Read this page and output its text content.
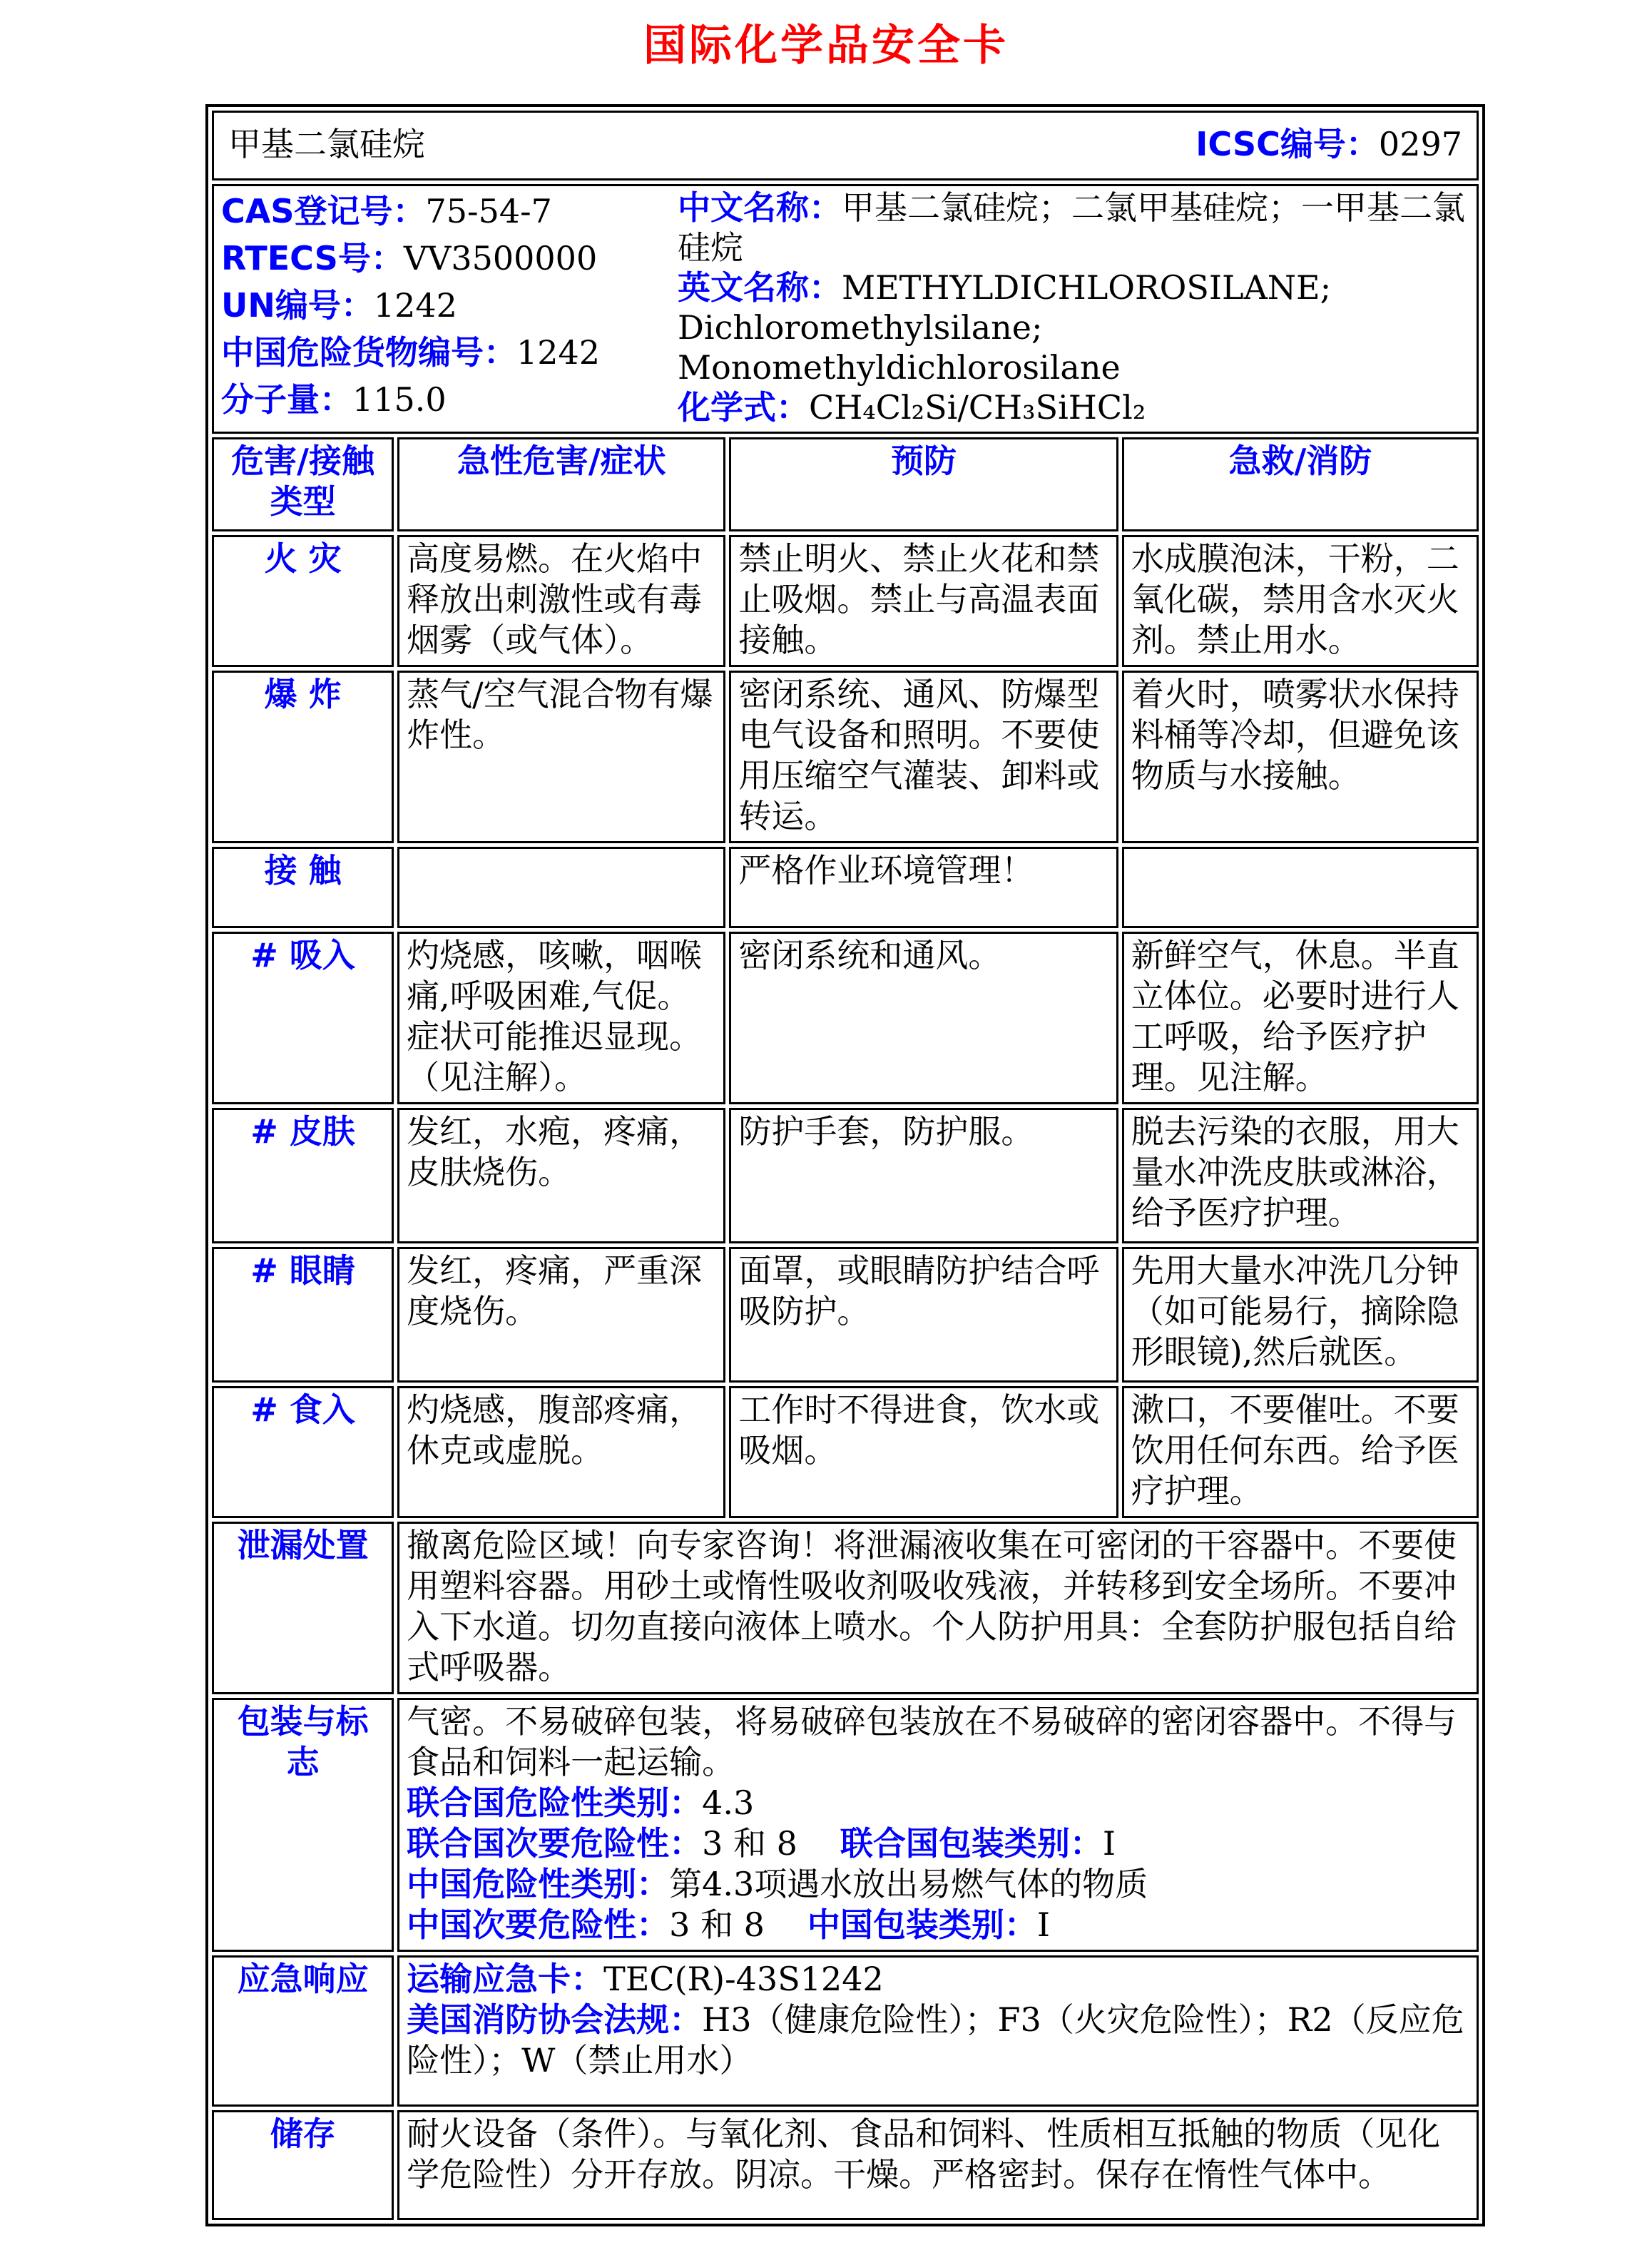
国际化学品安全卡
甲基二氯硅烷 ICSC编号：0297			

CAS登记号：75-54-7
RTECS号：VV3500000
UN编号：1242
中国危险货物编号：1242
分子量：115.0
中文名称：甲基二氯硅烷；二氯甲基硅烷；一甲基二氯硅烷
英文名称：METHYLDICHLOROSILANE;
Dichloromethylsilane;
Monomethyldichlorosilane
化学式：CH₄Cl₂Si/CH₃SiHCl₂

危害/接触类型	急性危害/症状	预防	急救/消防
火 灾	高度易燃。在火焰中释放出刺激性或有毒烟雾（或气体）。	禁止明火、禁止火花和禁止吸烟。禁止与高温表面接触。	水成膜泡沫，干粉，二氧化碳，禁用含水灭火剂。禁止用水。
爆 炸	蒸气/空气混合物有爆炸性。	密闭系统、通风、防爆型电气设备和照明。不要使用压缩空气灌装、卸料或转运。	着火时，喷雾状水保持料桶等冷却，但避免该物质与水接触。
接 触		严格作业环境管理！	
# 吸入	灼烧感，咳嗽，咽喉痛,呼吸困难,气促。症状可能推迟显现。（见注解）。	密闭系统和通风。	新鲜空气，休息。半直立体位。必要时进行人工呼吸，给予医疗护理。见注解。
# 皮肤	发红，水疱，疼痛，皮肤烧伤。	防护手套，防护服。	脱去污染的衣服，用大量水冲洗皮肤或淋浴，给予医疗护理。
# 眼睛	发红，疼痛，严重深度烧伤。	面罩，或眼睛防护结合呼吸防护。	先用大量水冲洗几分钟（如可能易行，摘除隐形眼镜),然后就医。
# 食入	灼烧感，腹部疼痛，休克或虚脱。	工作时不得进食，饮水或吸烟。	漱口，不要催吐。不要饮用任何东西。给予医疗护理。
泄漏处置	撤离危险区域！向专家咨询！将泄漏液收集在可密闭的干容器中。不要使用塑料容器。用砂土或惰性吸收剂吸收残液，并转移到安全场所。不要冲入下水道。切勿直接向液体上喷水。个人防护用具：全套防护服包括自给式呼吸器。		
包装与标志	气密。不易破碎包装，将易破碎包装放在不易破碎的密闭容器中。不得与食品和饲料一起运输。
联合国危险性类别：4.3
联合国次要危险性：3 和 8 联合国包装类别：I
中国危险性类别：第4.3项遇水放出易燃气体的物质
中国次要危险性：3 和 8 中国包装类别：I		

应急响应	运输应急卡：TEC(R)-43S1242
美国消防协会法规：H3（健康危险性）；F3（火灾危险性）；R2（反应危险性）；W（禁止用水）		

储存	耐火设备（条件）。与氧化剂、食品和饲料、性质相互抵触的物质（见化学危险性）分开存放。阴凉。干燥。严格密封。保存在惰性气体中。		
